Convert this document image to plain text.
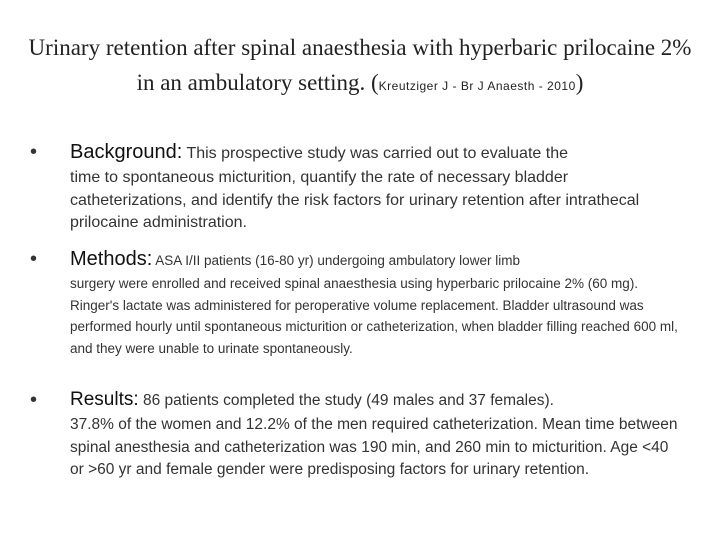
Urinary retention after spinal anaesthesia with hyperbaric prilocaine 2% in an ambulatory setting. (Kreutziger J - Br J Anaesth - 2010)
• Background: This prospective study was carried out to evaluate the
time to spontaneous micturition, quantify the rate of necessary bladder catheterizations, and identify the risk factors for urinary retention after intrathecal prilocaine administration.
• Methods: ASA I/II patients (16-80 yr) undergoing ambulatory lower limb
surgery were enrolled and received spinal anaesthesia using hyperbaric prilocaine 2% (60 mg). Ringer's lactate was administered for peroperative volume replacement. Bladder ultrasound was performed hourly until spontaneous micturition or catheterization, when bladder filling reached 600 ml, and they were unable to urinate spontaneously.
• Results: 86 patients completed the study (49 males and 37 females).
37.8% of the women and 12.2% of the men required catheterization. Mean time between spinal anesthesia and catheterization was 190 min, and 260 min to micturition. Age <40 or >60 yr and female gender were predisposing factors for urinary retention.
